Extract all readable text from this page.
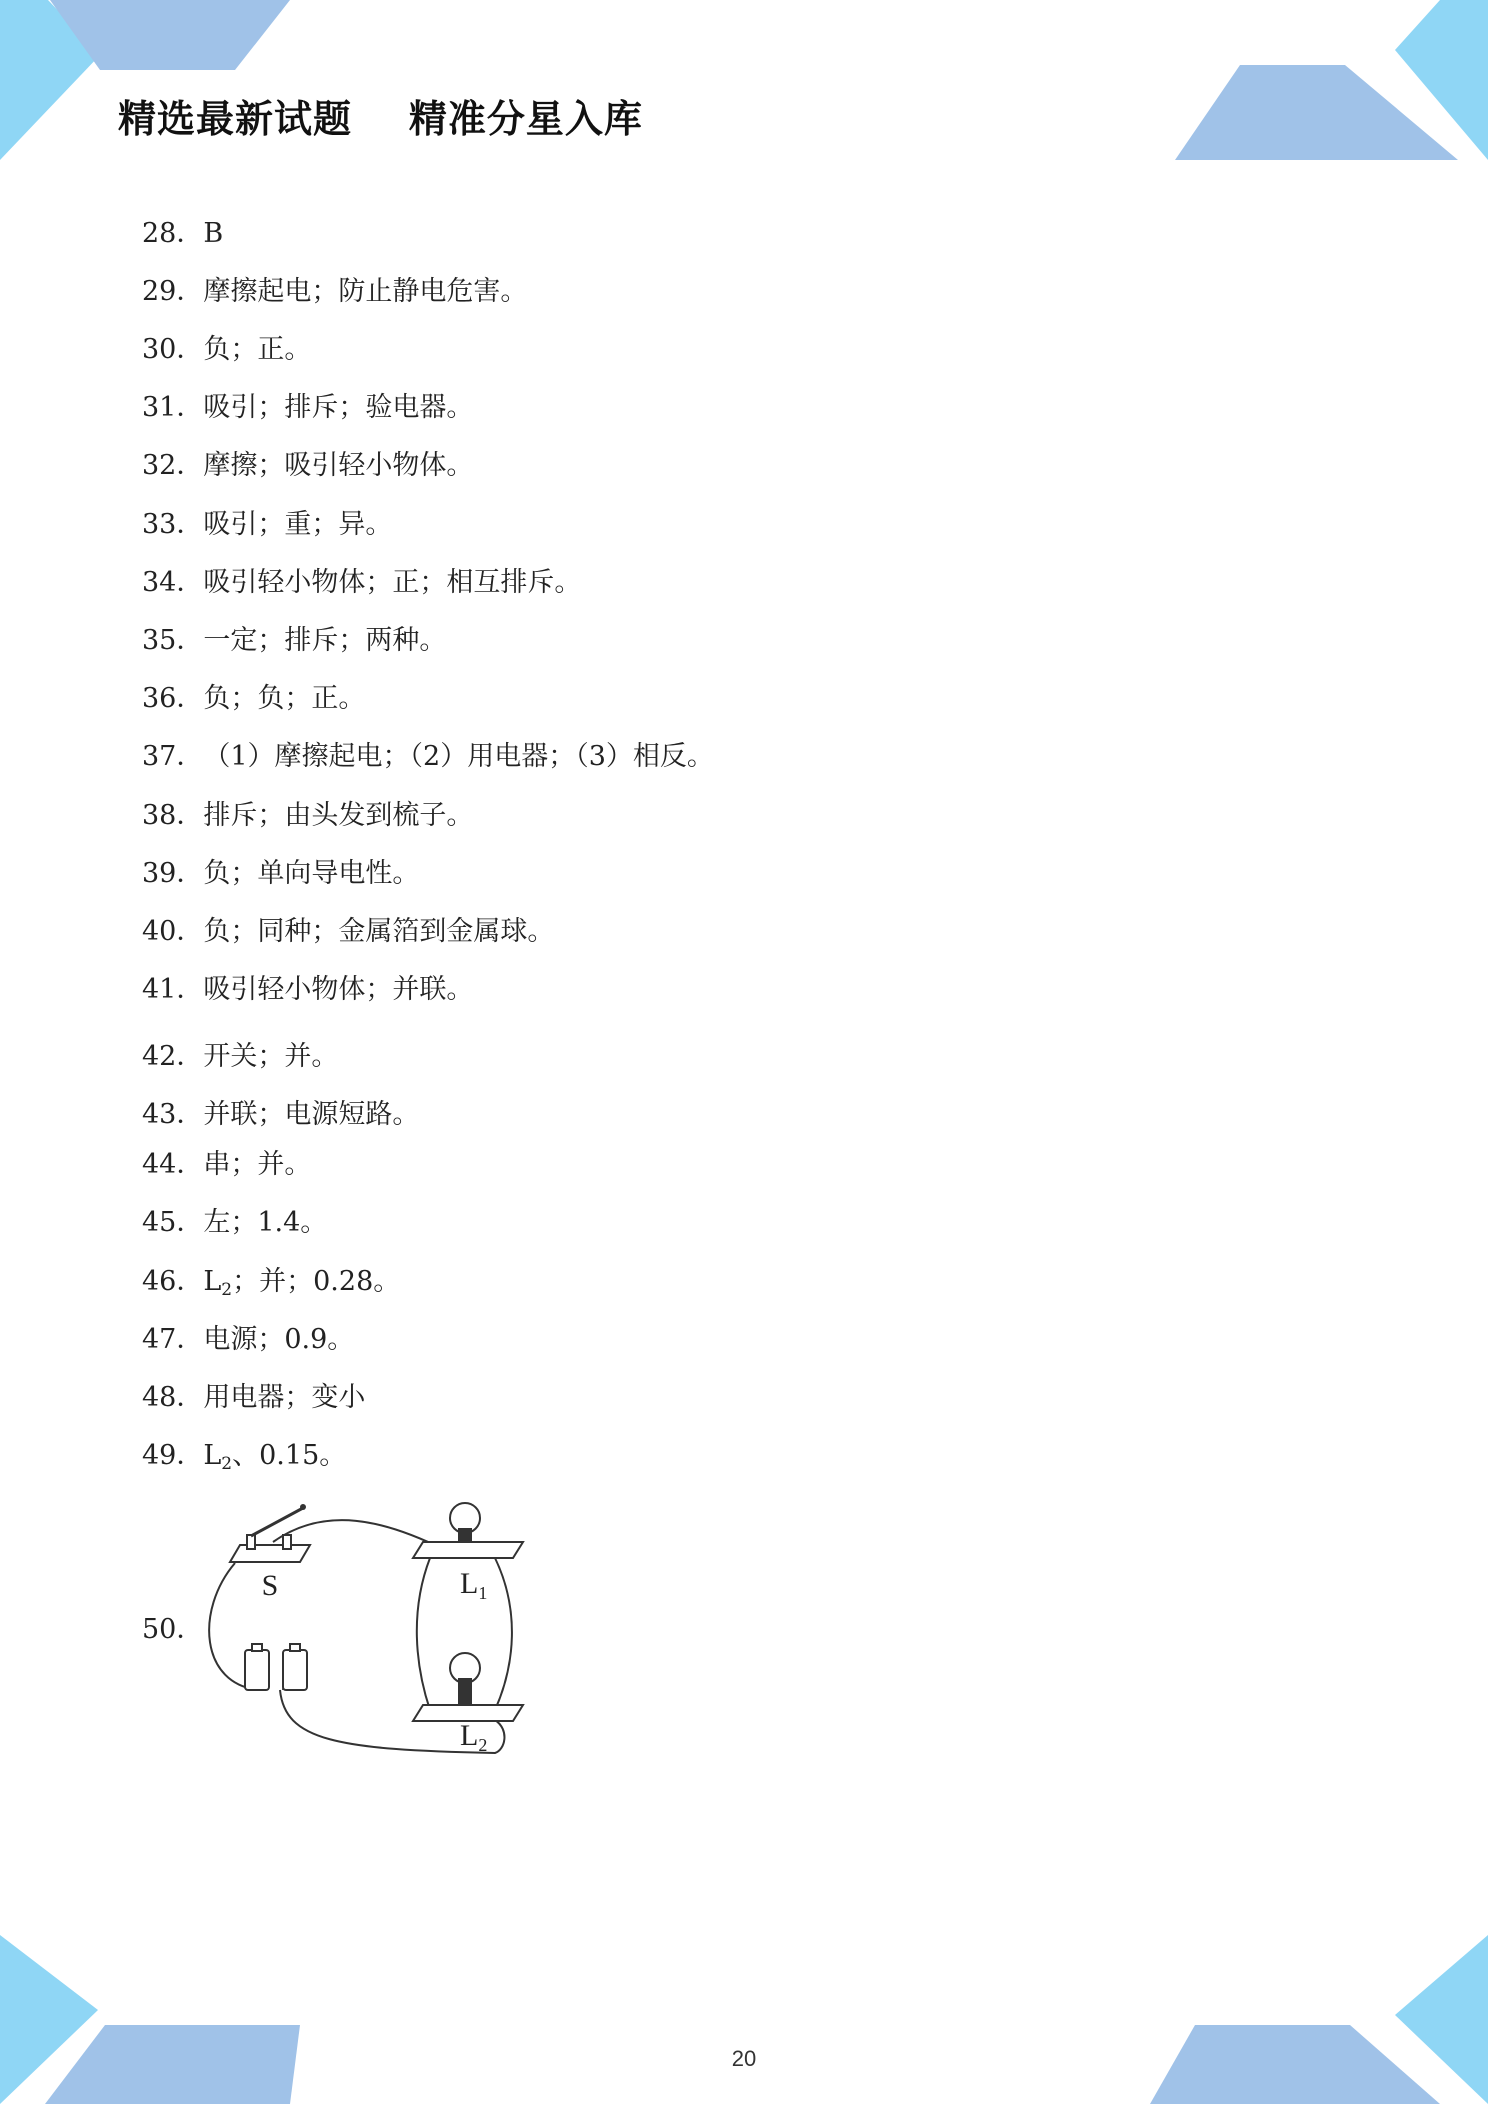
精选最新试题    精准分星入库
28．B
29．摩擦起电；防止静电危害。
30．负；正。
31．吸引；排斥；验电器。
32．摩擦；吸引轻小物体。
33．吸引；重；异。
34．吸引轻小物体；正；相互排斥。
35．一定；排斥；两种。
36．负；负；正。
37．（1）摩擦起电；（2）用电器；（3）相反。
38．排斥；由头发到梳子。
39．负；单向导电性。
40．负；同种；金属箔到金属球。
41．吸引轻小物体；并联。
42．开关；并。
43．并联；电源短路。
44．串；并。
45．左；1.4。
46．$L_2$；并；0.28。
47．电源；0.9。
48．用电器；变小
49．$L_2$、0.15。
50．
S	$L_1$
$L_2$
20
